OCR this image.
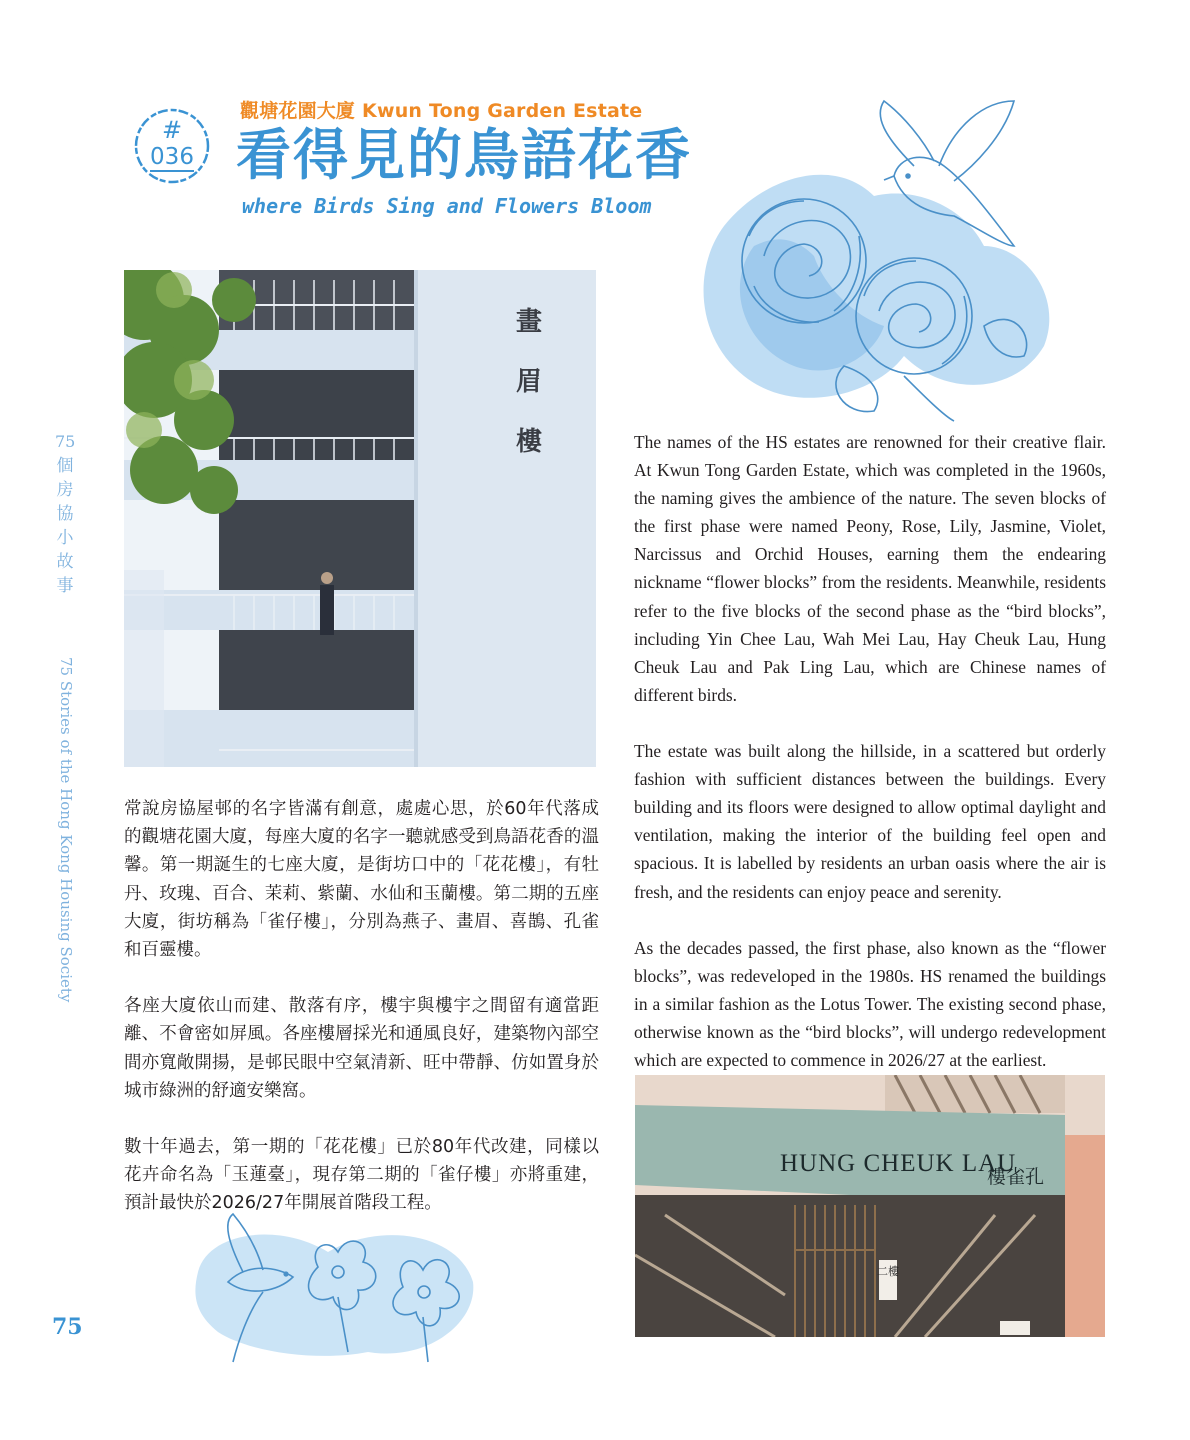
#
036

觀塘花園大廈 Kwun Tong Garden Estate

看得見的鳥語花香

where Birds Sing and Flowers Bloom

75
個
房
協
小
故
事
75 Stories of the Hong Kong Housing Society
畫
眉
樓

常說房協屋邨的名字皆滿有創意，處處心思，於60年代落成的觀塘花園大廈，每座大廈的名字一聽就感受到鳥語花香的溫馨。第一期誕生的七座大廈，是街坊口中的「花花樓」，有牡丹、玫瑰、百合、茉莉、紫蘭、水仙和玉蘭樓。第二期的五座大廈，街坊稱為「雀仔樓」，分別為燕子、畫眉、喜鵲、孔雀和百靈樓。

各座大廈依山而建、散落有序，樓宇與樓宇之間留有適當距離、不會密如屏風。各座樓層採光和通風良好，建築物內部空間亦寬敞開揚，是邨民眼中空氣清新、旺中帶靜、仿如置身於城市綠洲的舒適安樂窩。

數十年過去，第一期的「花花樓」已於80年代改建，同樣以花卉命名為「玉蓮臺」，現存第二期的「雀仔樓」亦將重建，預計最快於2026/27年開展首階段工程。

75

The names of the HS estates are renowned for their creative flair. At Kwun Tong Garden Estate, which was completed in the 1960s, the naming gives the ambience of the nature. The seven blocks of the first phase were named Peony, Rose, Lily, Jasmine, Violet, Narcissus and Orchid Houses, earning them the endearing nickname “flower blocks” from the residents. Meanwhile, residents refer to the five blocks of the second phase as the “bird blocks”, including Yin Chee Lau, Wah Mei Lau, Hay Cheuk Lau, Hung Cheuk Lau and Pak Ling Lau, which are Chinese names of different birds.

The estate was built along the hillside, in a scattered but orderly fashion with sufficient distances between the buildings. Every building and its floors were designed to allow optimal daylight and ventilation, making the interior of the building feel open and spacious. It is labelled by residents an urban oasis where the air is fresh, and the residents can enjoy peace and serenity.

As the decades passed, the first phase, also known as the “flower blocks”, was redeveloped in the 1980s. HS renamed the buildings in a similar fashion as the Lotus Tower. The existing second phase, otherwise known as the “bird blocks”, will undergo redevelopment which are expected to commence in 2026/27 at the earliest.

HUNG CHEUK LAU
樓雀孔
二樓
